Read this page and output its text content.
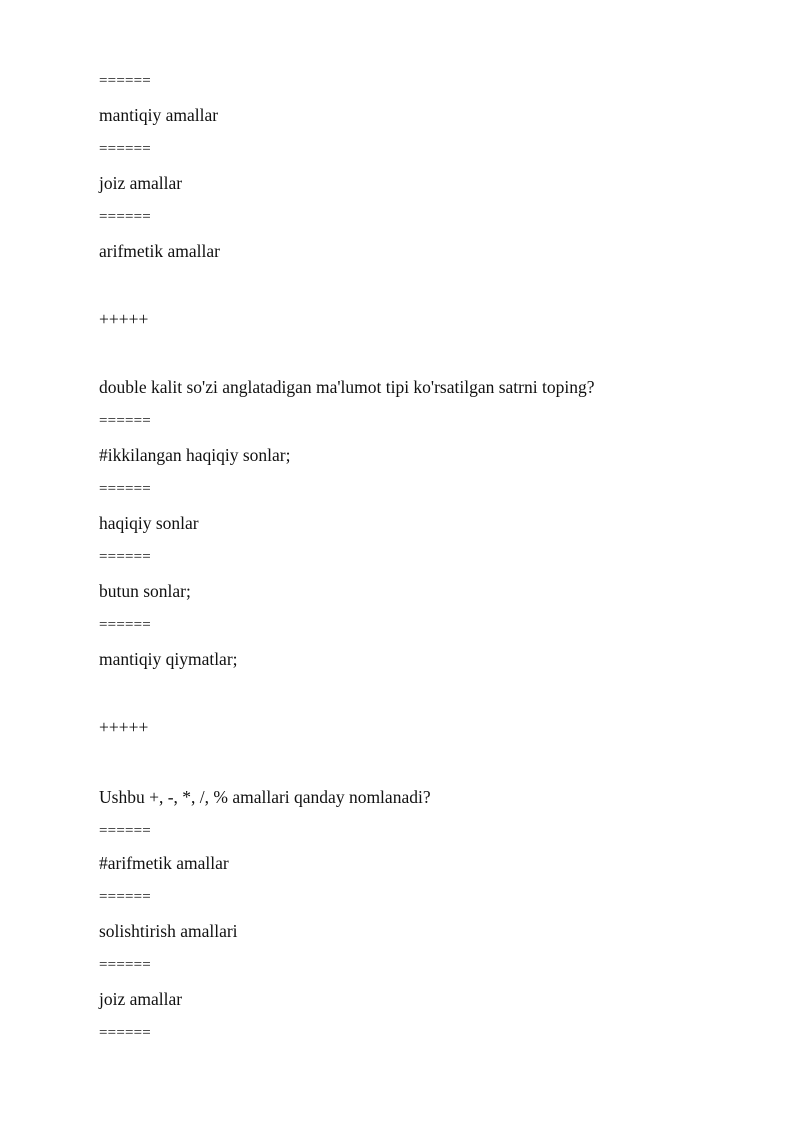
======

mantiqiy amallar

======

joiz amallar

======

arifmetik amallar

+++++

double kalit so'zi anglatadigan ma'lumot tipi ko'rsatilgan satrni toping?

======

#ikkilangan haqiqiy sonlar;

======

haqiqiy sonlar

======

butun sonlar;

======

mantiqiy qiymatlar;

+++++

Ushbu +, -, *, /, % amallari qanday nomlanadi?

======

#arifmetik amallar

======

solishtirish amallari

======

joiz amallar

======
